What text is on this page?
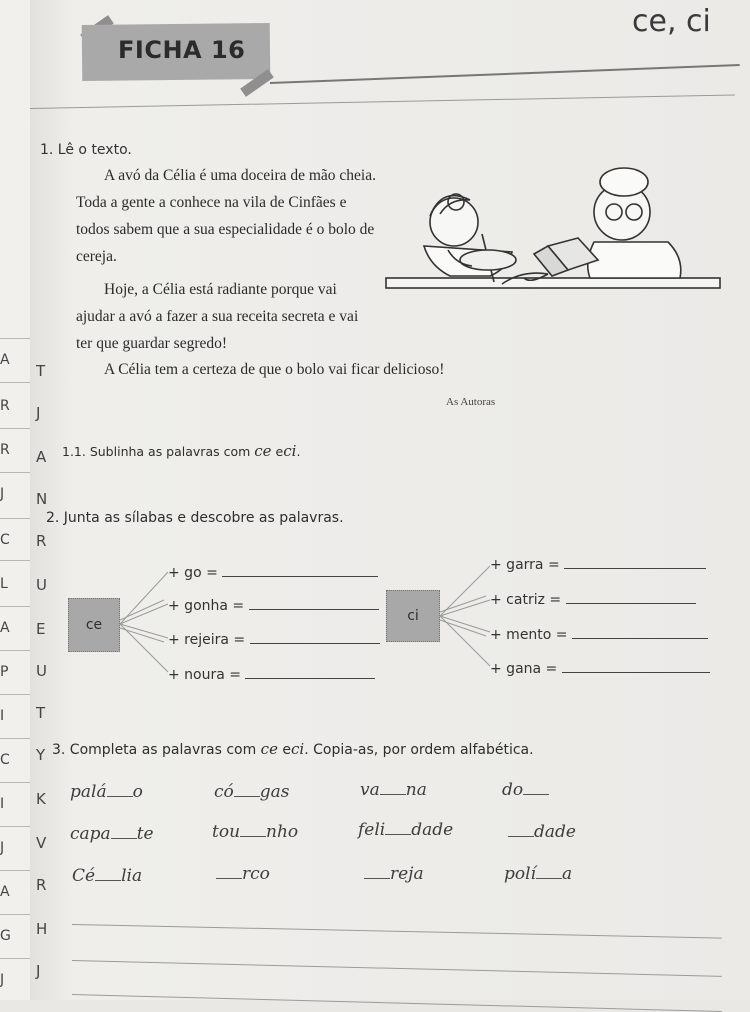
A
R
R
J
C
L
A
P
I
C
I
J
A
G
J
T
J
A
N
R
U
E
U
T
Y
K
V
R
H
J
FICHA 16
ce, ci
1. Lê o texto.
A avó da Célia é uma doceira de mão cheia. Toda a gente a conhece na vila de Cinfães e todos sabem que a sua especialidade é o bolo de cereja.
Hoje, a Célia está radiante porque vai ajudar a avó a fazer a sua receita secreta e vai ter que guardar segredo!
A Célia tem a certeza de que o bolo vai ficar delicioso!
As Autoras
1.1. Sublinha as palavras com ce eci.
2. Junta as sílabas e descobre as palavras.
ce
ci
+ go =
+ gonha =
+ rejeira =
+ noura =
+ garra =
+ catriz =
+ mento =
+ gana =
3. Completa as palavras com ce eci. Copia-as, por ordem alfabética.
palá o	có gas	va na	do
capa te	tou nho	feli dade	dade
Cé lia	rco	reja	polí a
